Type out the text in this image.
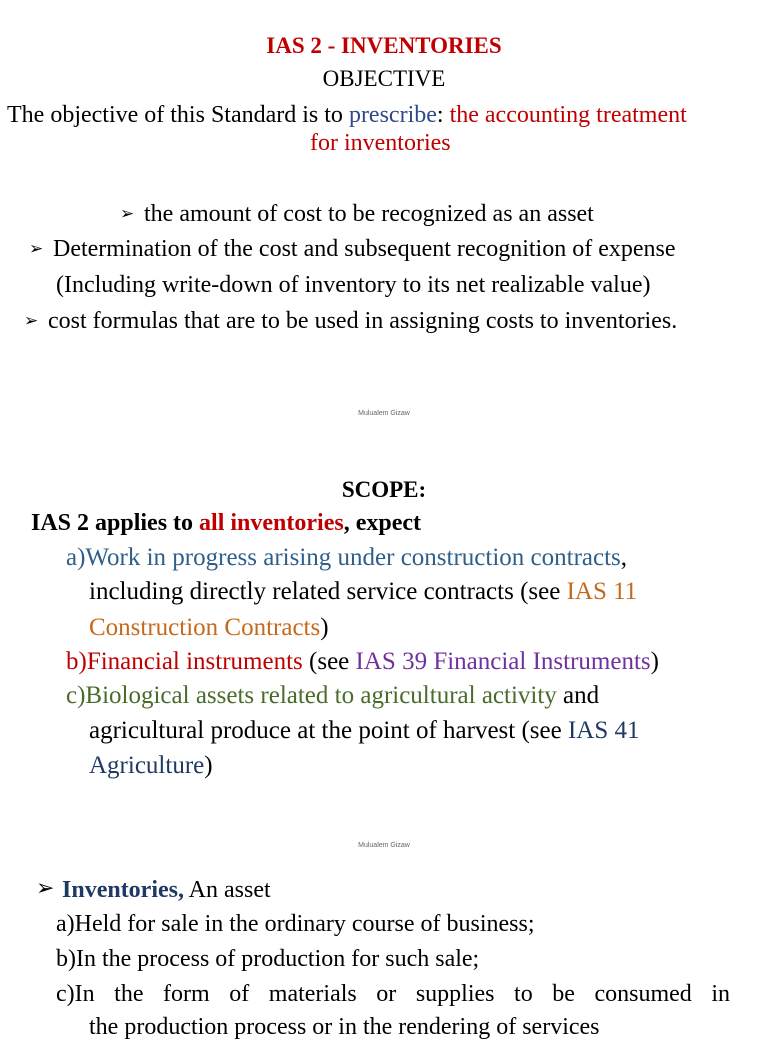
IAS 2 - INVENTORIES
OBJECTIVE
The objective of this Standard is to prescribe: the accounting treatment
for inventories
➢ the amount of cost to be recognized as an asset
➢ Determination of the cost and subsequent recognition of expense
(Including write-down of inventory to its net realizable value)
➢ cost formulas that are to be used in assigning costs to inventories.
Mulualem Gizaw
SCOPE:
IAS 2 applies to all inventories, expect
a)Work in progress arising under construction contracts,
including directly related service contracts (see IAS 11
Construction Contracts)
b)Financial instruments (see IAS 39 Financial Instruments)
c)Biological assets related to agricultural activity and
agricultural produce at the point of harvest (see IAS 41
Agriculture)
Mulualem Gizaw
➢ Inventories, An asset
a)Held for sale in the ordinary course of business;
b)In the process of production for such sale;
c)In the form of materials or supplies to be consumed in
the production process or in the rendering of services
